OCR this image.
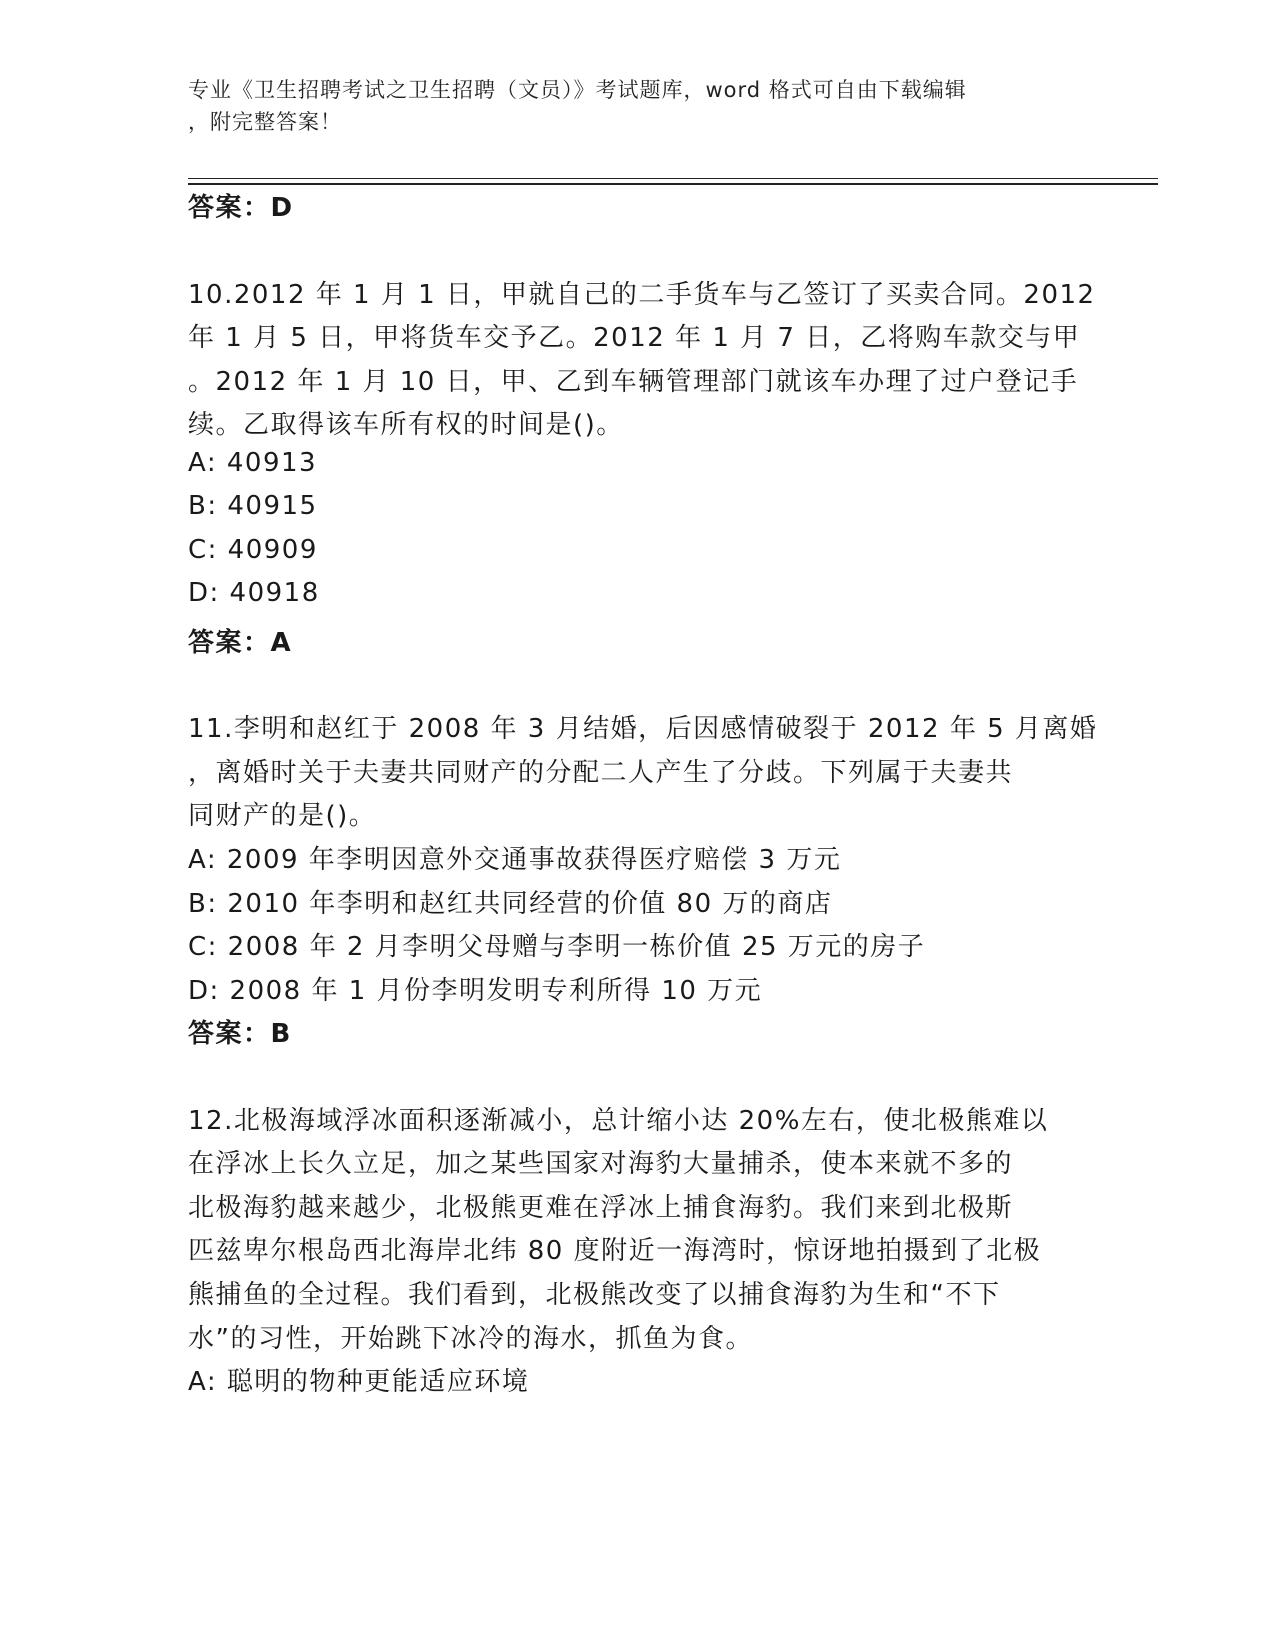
专业《卫生招聘考试之卫生招聘（文员）》考试题库，word 格式可自由下载编辑
，附完整答案！
答案：D
10.2012 年 1 月 1 日，甲就自己的二手货车与乙签订了买卖合同。2012
年 1 月 5 日，甲将货车交予乙。2012 年 1 月 7 日，乙将购车款交与甲
。2012 年 1 月 10 日，甲、乙到车辆管理部门就该车办理了过户登记手
续。乙取得该车所有权的时间是()。
A: 40913
B: 40915
C: 40909
D: 40918
答案：A
11.李明和赵红于 2008 年 3 月结婚，后因感情破裂于 2012 年 5 月离婚
，离婚时关于夫妻共同财产的分配二人产生了分歧。下列属于夫妻共
同财产的是()。
A: 2009 年李明因意外交通事故获得医疗赔偿 3 万元
B: 2010 年李明和赵红共同经营的价值 80 万的商店
C: 2008 年 2 月李明父母赠与李明一栋价值 25 万元的房子
D: 2008 年 1 月份李明发明专利所得 10 万元
答案：B
12.北极海域浮冰面积逐渐减小，总计缩小达 20%左右，使北极熊难以
在浮冰上长久立足，加之某些国家对海豹大量捕杀，使本来就不多的
北极海豹越来越少，北极熊更难在浮冰上捕食海豹。我们来到北极斯
匹兹卑尔根岛西北海岸北纬 80 度附近一海湾时，惊讶地拍摄到了北极
熊捕鱼的全过程。我们看到，北极熊改变了以捕食海豹为生和“不下
水”的习性，开始跳下冰冷的海水，抓鱼为食。
A: 聪明的物种更能适应环境
